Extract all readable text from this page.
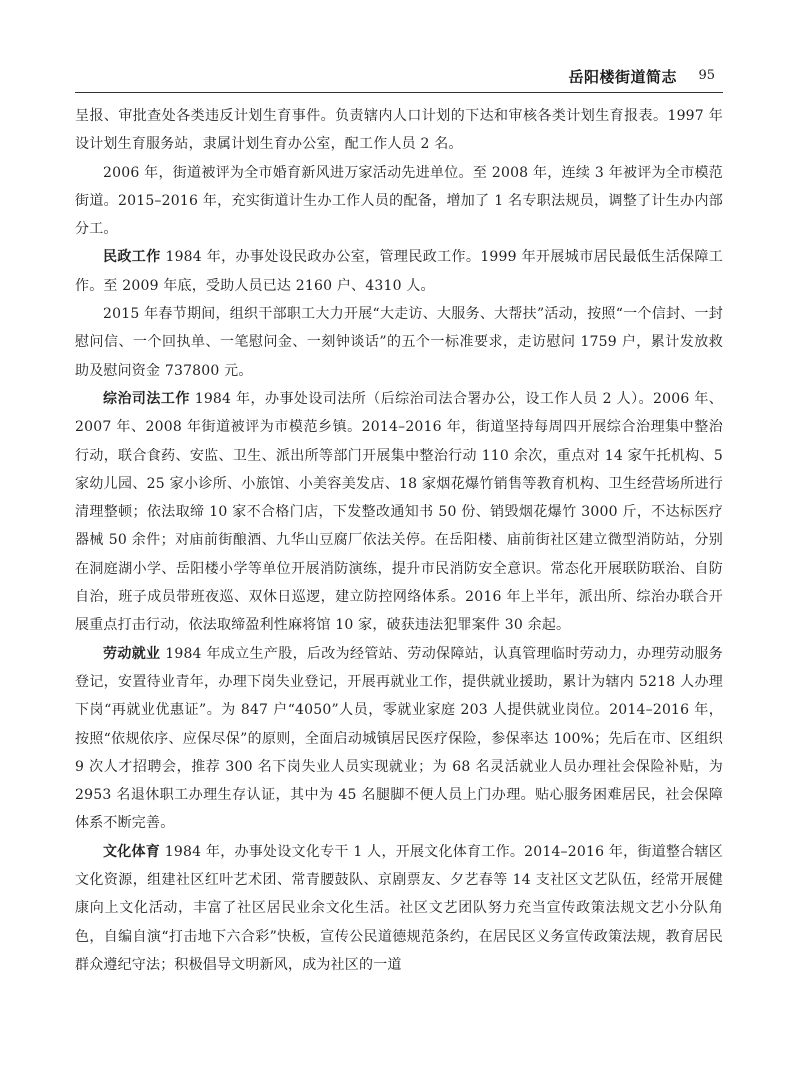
岳阳楼街道简志 95

呈报、审批查处各类违反计划生育事件。负责辖内人口计划的下达和审核各类计划生育报表。1997 年设计划生育服务站，隶属计划生育办公室，配工作人员 2 名。

2006 年，街道被评为全市婚育新风进万家活动先进单位。至 2008 年，连续 3 年被评为全市模范街道。2015–2016 年，充实街道计生办工作人员的配备，增加了 1 名专职法规员，调整了计生办内部分工。

民政工作 1984 年，办事处设民政办公室，管理民政工作。1999 年开展城市居民最低生活保障工作。至 2009 年底，受助人员已达 2160 户、4310 人。

2015 年春节期间，组织干部职工大力开展“大走访、大服务、大帮扶”活动，按照“一个信封、一封慰问信、一个回执单、一笔慰问金、一刻钟谈话”的五个一标准要求，走访慰问 1759 户，累计发放救助及慰问资金 737800 元。

综治司法工作 1984 年，办事处设司法所（后综治司法合署办公，设工作人员 2 人）。2006 年、2007 年、2008 年街道被评为市模范乡镇。2014–2016 年，街道坚持每周四开展综合治理集中整治行动，联合食药、安监、卫生、派出所等部门开展集中整治行动 110 余次，重点对 14 家午托机构、5 家幼儿园、25 家小诊所、小旅馆、小美容美发店、18 家烟花爆竹销售等教育机构、卫生经营场所进行清理整顿；依法取缔 10 家不合格门店，下发整改通知书 50 份、销毁烟花爆竹 3000 斤，不达标医疗器械 50 余件；对庙前街酿酒、九华山豆腐厂依法关停。在岳阳楼、庙前街社区建立微型消防站，分别在洞庭湖小学、岳阳楼小学等单位开展消防演练，提升市民消防安全意识。常态化开展联防联治、自防自治，班子成员带班夜巡、双休日巡逻，建立防控网络体系。2016 年上半年，派出所、综治办联合开展重点打击行动，依法取缔盈利性麻将馆 10 家，破获违法犯罪案件 30 余起。

劳动就业 1984 年成立生产股，后改为经管站、劳动保障站，认真管理临时劳动力，办理劳动服务登记，安置待业青年，办理下岗失业登记，开展再就业工作，提供就业援助，累计为辖内 5218 人办理下岗“再就业优惠证”。为 847 户“4050”人员，零就业家庭 203 人提供就业岗位。2014–2016 年，按照“依规依序、应保尽保”的原则，全面启动城镇居民医疗保险，参保率达 100%；先后在市、区组织 9 次人才招聘会，推荐 300 名下岗失业人员实现就业；为 68 名灵活就业人员办理社会保险补贴，为 2953 名退休职工办理生存认证，其中为 45 名腿脚不便人员上门办理。贴心服务困难居民，社会保障体系不断完善。

文化体育 1984 年，办事处设文化专干 1 人，开展文化体育工作。2014–2016 年，街道整合辖区文化资源，组建社区红叶艺术团、常青腰鼓队、京剧票友、夕艺春等 14 支社区文艺队伍，经常开展健康向上文化活动，丰富了社区居民业余文化生活。社区文艺团队努力充当宣传政策法规文艺小分队角色，自编自演“打击地下六合彩”快板，宣传公民道德规范条约，在居民区义务宣传政策法规，教育居民群众遵纪守法；积极倡导文明新风，成为社区的一道
